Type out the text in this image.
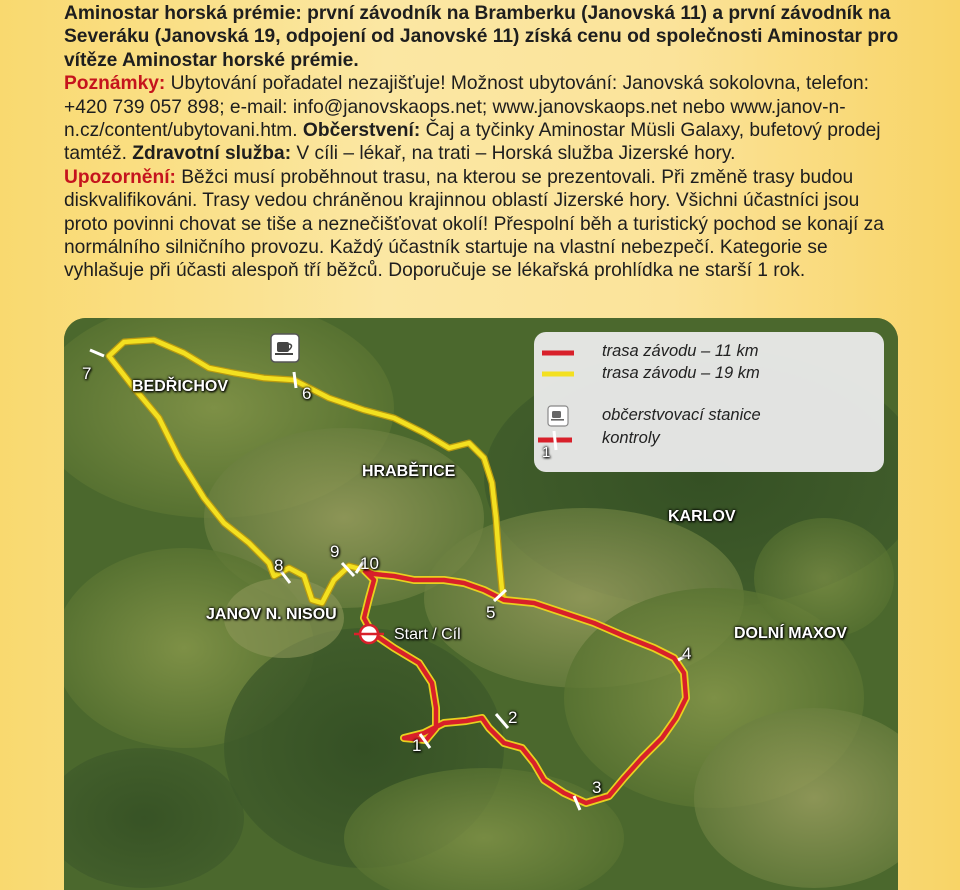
Aminostar horská prémie: první závodník na Bramberku (Janovská 11) a první závodník na Severáku (Janovská 19, odpojení od Janovské 11) získá cenu od společnosti Aminostar pro vítěze Aminostar horské prémie.

Poznámky: Ubytování pořadatel nezajišťuje! Možnost ubytování: Janovská sokolovna, telefon: +420 739 057 898; e-mail: info@janovskaops.net; www.janovskaops.net nebo www.janov-n-n.cz/content/ubytovani.htm. Občerstvení: Čaj a tyčinky Aminostar Müsli Galaxy, bufetový prodej tamtéž. Zdravotní služba: V cíli – lékař, na trati – Horská služba Jizerské hory.

Upozornění: Běžci musí proběhnout trasu, na kterou se prezentovali. Při změně trasy budou diskvalifikováni. Trasy vedou chráněnou krajinnou oblastí Jizerské hory. Všichni účastníci jsou proto povinni chovat se tiše a neznečišťovat okolí! Přespolní běh a turistický pochod se konají za normálního silničního provozu. Každý účastník startuje na vlastní nebezpečí. Kategorie se vyhlašuje při účasti alespoň tří běžců. Doporučuje se lékařská prohlídka ne starší 1 rok.

BEDŘICHOV
HRABĚTICE
KARLOV
JANOV N. NISOU
DOLNÍ MAXOV
Start / Cíl
7
6
8
9
10
5
4
2
3
1
trasa závodu – 11 km
trasa závodu – 19 km
občerstvovací stanice
kontroly
1
